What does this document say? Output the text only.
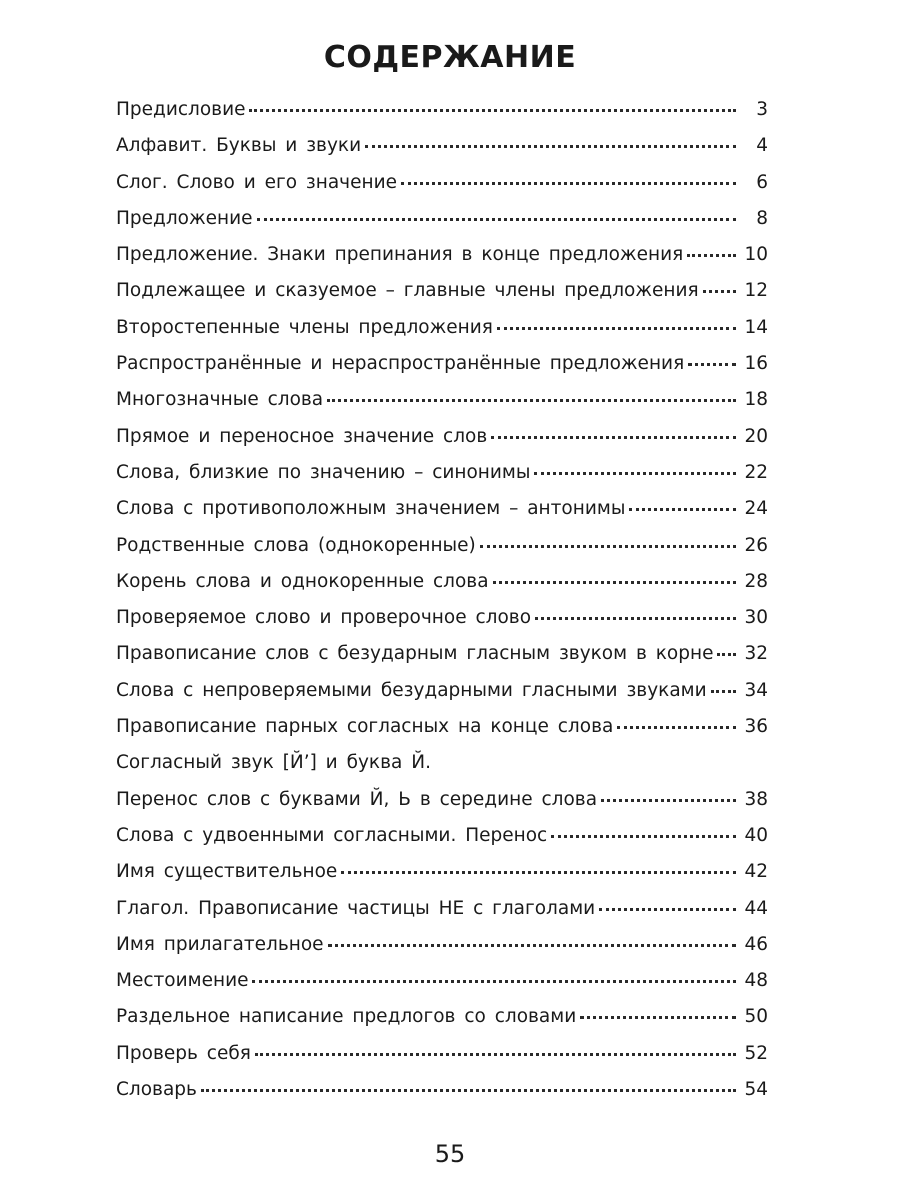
СОДЕРЖАНИЕ
Предисловие	3
Алфавит. Буквы и звуки	4
Слог. Слово и его значение	6
Предложение	8
Предложение. Знаки препинания в конце предложения	10
Подлежащее и сказуемое – главные члены предложения 12
Второстепенные члены предложения	14
Распространённые и нераспространённые предложения	16
Многозначные слова	18
Прямое и переносное значение слов	20
Слова, близкие по значению – синонимы	22
Слова с противоположным значением – антонимы	24
Родственные слова (однокоренные)	26
Корень слова и однокоренные слова	28
Проверяемое слово и проверочное слово	30
Правописание слов с безударным гласным звуком в корне 32
Слова с непроверяемыми безударными гласными звуками 34
Правописание парных согласных на конце слова	36
Согласный звук [Й’] и буква Й.
Перенос слов с буквами Й, Ь в середине слова	38
Слова с удвоенными согласными. Перенос	40
Имя существительное	42
Глагол. Правописание частицы НЕ с глаголами	44
Имя прилагательное	46
Местоимение	48
Раздельное написание предлогов со словами	50
Проверь себя	52
Словарь	54
55
